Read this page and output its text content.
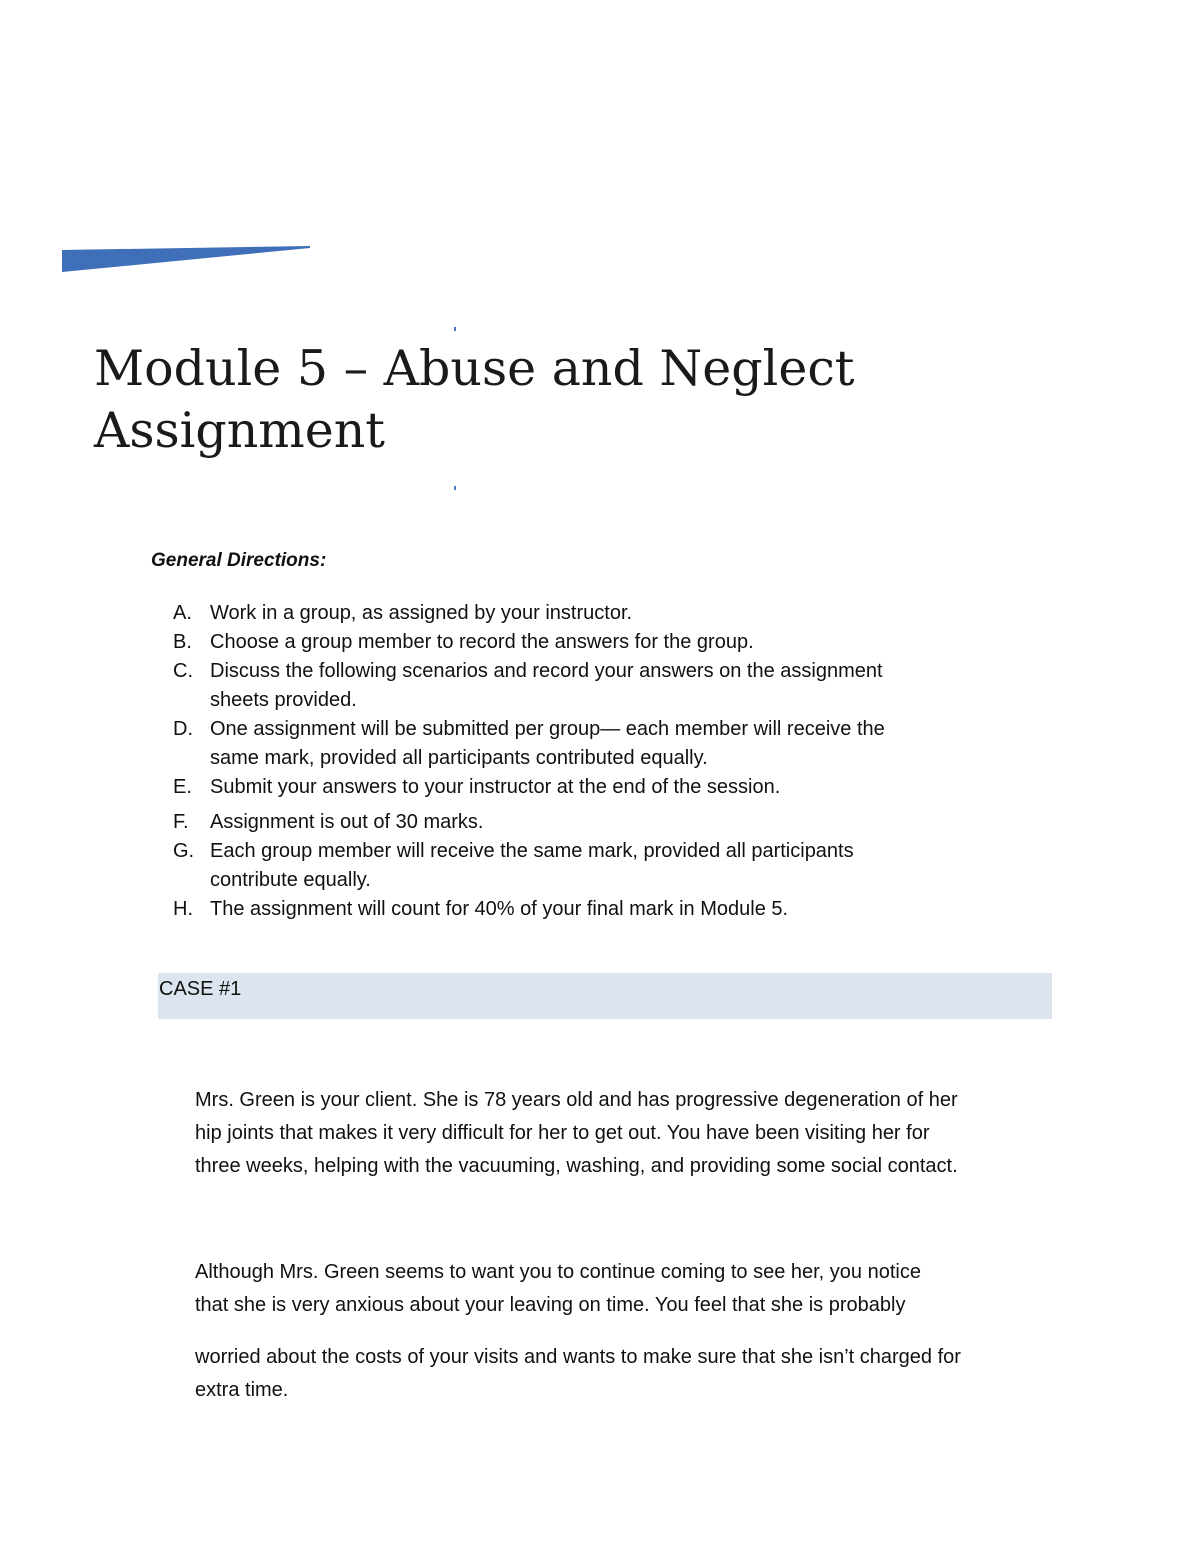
Module 5 – Abuse and Neglect
Assignment

General Directions:

A. Work in a group, as assigned by your instructor.
B. Choose a group member to record the answers for the group.
C. Discuss the following scenarios and record your answers on the assignment
sheets provided.
D. One assignment will be submitted per group— each member will receive the
same mark, provided all participants contributed equally.
E. Submit your answers to your instructor at the end of the session.
F. Assignment is out of 30 marks.
G. Each group member will receive the same mark, provided all participants
contribute equally.
H. The assignment will count for 40% of your final mark in Module 5.
CASE #1

Mrs. Green is your client. She is 78 years old and has progressive degeneration of her
hip joints that makes it very difficult for her to get out. You have been visiting her for
three weeks, helping with the vacuuming, washing, and providing some social contact.

Although Mrs. Green seems to want you to continue coming to see her, you notice
that she is very anxious about your leaving on time. You feel that she is probably

worried about the costs of your visits and wants to make sure that she isn’t charged for
extra time.
